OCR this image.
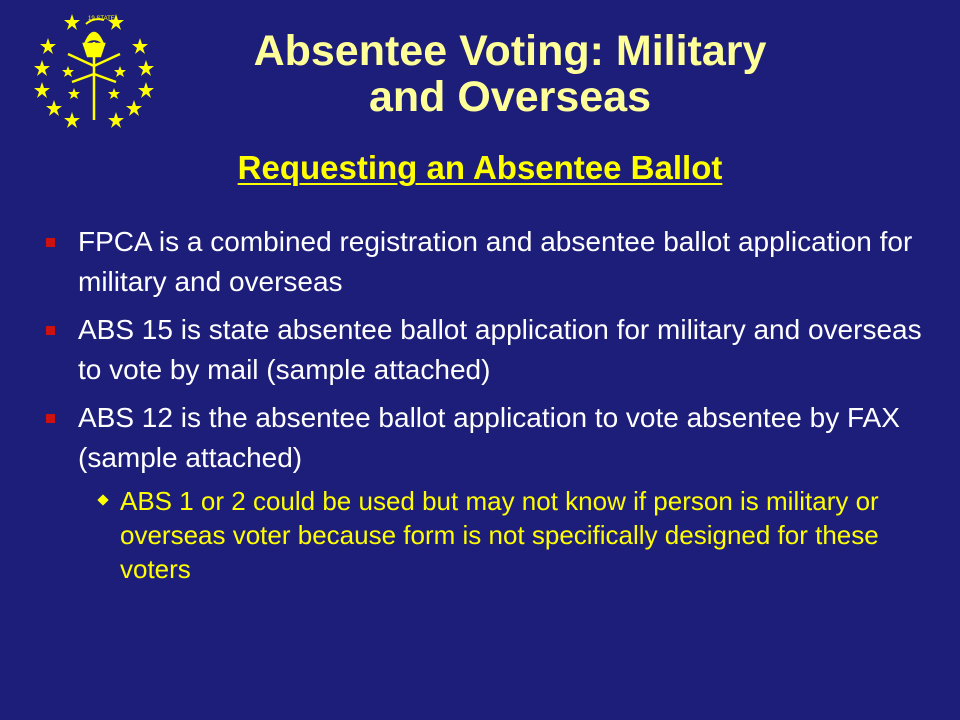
19 STATE
Absentee Voting: Military
and Overseas
Requesting an Absentee Ballot
FPCA is a combined registration and absentee ballot application for military and overseas
ABS 15 is state absentee ballot application for military and overseas to vote by mail (sample attached)
ABS 12 is the absentee ballot application to vote absentee by FAX (sample attached)
ABS 1 or 2 could be used but may not know if person is military or overseas voter because form is not specifically designed for these voters
